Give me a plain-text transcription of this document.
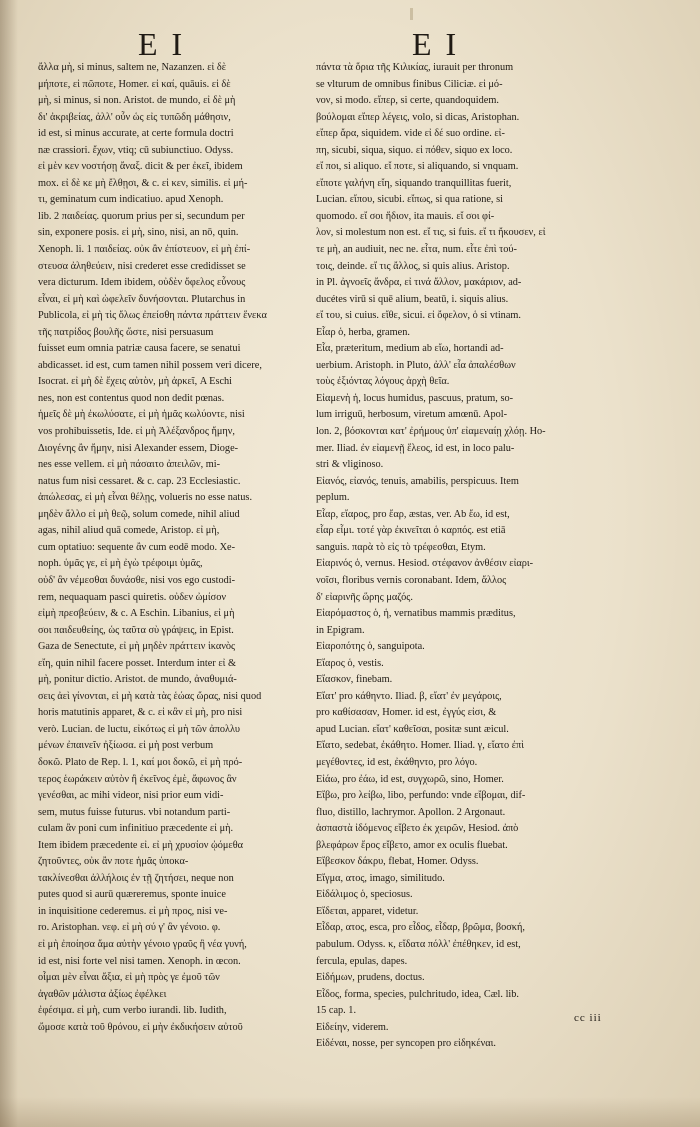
EI	EI
ἄλλα μὴ, si minus, saltem ne, Nazanzen. εἰ δὲ
μήποτε, εἰ πῶποτε, Homer. εἰ καί, quāuis. εἰ δὲ
μὴ, si minus, si non. Aristot. de mundo, εἰ δὲ μὴ
δι' ἀκριβείας, ἀλλ' οὖν ὡς εἰς τυπῶδη μάθησιν,
id est, si minus accurate, at certe formula doctri
næ crassiori. ἔχων, vtiq; cū subiunctiuo. Odyss.
εἰ μὲν κεν νοστήσῃ ἄναξ. dicit & per ἐκεῖ, ibidem
mox. εἰ δὲ κε μὴ ἔλθῃσι, & c. εἰ κεν, similis. εἰ μή-
τι, geminatum cum indicatiuo. apud Xenoph.
lib. 2 παιδείας. quorum prius per si, secundum per
sin, exponere posis. εἰ μὴ, sino, nisi, an nō, quin.
Xenoph. li. 1 παιδείας. οὐκ ἂν ἐπίστευον, εἰ μὴ ἐπί-
στευσα ἀληθεύειν, nisi crederet esse credidisset se
vera dicturum. Idem ibidem, οὐδὲν ὄφελος εὖνους
εἶναι, εἰ μὴ καὶ ὠφελεῖν δυνήσονται. Plutarchus in
Publicola, εἰ μὴ τὶς ὅλως ἐπείσθη πάντα πράττειν ἕνεκα
τῆς πατρίδος βουλῆς ὥστε, nisi persuasum
fuisset eum omnia patriæ causa facere, se senatui
abdicasset. id est, cum tamen nihil possem veri dicere,
Isocrat. εἰ μὴ δὲ ἔχεις αὐτὸν, μὴ ἀρκεῖ, A Eschi
nes, non est contentus quod non dedit pœnas.
ἡμεῖς δὲ μὴ ἐκωλύσατε, εἰ μὴ ἡμᾶς κωλύοντε, nisi
vos prohibuissetis, Ide. εἰ μὴ Ἀλέξανδρος ἤμην,
Διογένης ἂν ἤμην, nisi Alexander essem, Dioge-
nes esse vellem. εἰ μὴ πάσαιτο ἀπειλῶν, mi-
natus fum nisi cessaret. & c. cap. 23 Ecclesiastic.
ἀπώλεσας, εἰ μὴ εἶναι θέλῃς, volueris no esse natus.
μηδὲν ἄλλο εἰ μὴ θεῷ, solum comede, nihil aliud
agas, nihil aliud quā comede, Aristop. εἰ μὴ,
cum optatiuo: sequente ἂν cum eodē modo. Xe-
noph. ὑμᾶς γε, εἰ μὴ ἐγὼ τρέφοιμι ὑμᾶς,
οὐδ' ἂν νέμεσθαι δυνάσθε, nisi vos ego custodi-
rem, nequaquam pasci quiretis. οὐδεν ὠμίσον
εἰμὴ πρεσβεύειν, & c. A Eschin. Libanius, εἰ μὴ
σοι παιδευθείης, ὡς ταῦτα σὺ γράψεις, in Epist.
Gaza de Senectute, εἰ μὴ μηδὲν πράττειν ἱκανὸς
εἴη, quin nihil facere posset. Interdum inter εἰ &
μὴ, ponitur dictio. Aristot. de mundo, ἀναθυμιά-
σεις ἀεὶ γίνονται, εἰ μὴ κατὰ τὰς ἑώας ὥρας, nisi quod
horis matutinis apparet, & c. εἰ κἂν εἰ μὴ, pro nisi
verò. Lucian. de luctu, εἰκότως εἰ μὴ τῶν ἀπολλυ
μένων ἐπαινεῖν ἠξίωσα. εἰ μὴ post verbum
δοκῶ. Plato de Rep. l. 1, καί μοι δοκῶ, εἰ μὴ πρό-
τερος ἑωράκειν αὐτὸν ἢ ἐκεῖνος ἐμὲ, ἄφωνος ἂν
γενέσθαι, ac mihi videor, nisi prior eum vidi-
sem, mutus fuisse futurus. vbi notandum parti-
culam ἂν poni cum infinitiuo præcedente εἰ μὴ.
Item ibidem præcedente εἰ. εἰ μὴ χρυσίον ᾠόμεθα
ζητοῦντες, οὐκ ἂν ποτε ἡμᾶς ὑποκα-
τακλίνεσθαι ἀλλήλοις ἐν τῇ ζητήσει, neque non
putes quod si aurū quæreremus, sponte inuice
in inquisitione cederemus. εἰ μὴ προς, nisi ve-
ro. Aristophan. νεφ. εἰ μὴ σύ γ' ἂν γένοιο. φ.
εἰ μὴ ἐποίησα ἅμα αὐτὴν γένοιο γραῦς ἢ νέα γυνή,
id est, nisi forte vel nisi tamen. Xenoph. in œcon.
οἶμαι μὲν εἶναι ἄξια, εἰ μὴ πρὸς γε ἐμοῦ τῶν
ἀγαθῶν μάλιστα ἀξίως ἐφέλκει
ἐφέσιμα. εἰ μὴ, cum verbo iurandi. lib. Iudith,
ὤμοσε κατὰ τοῦ θρόνου, εἰ μὴν ἐκδικήσειν αὐτοῦ
πάντα τὰ ὅρια τῆς Κιλικίας, iurauit per thronum
se vlturum de omnibus finibus Ciliciæ. εἰ μό-
νον, si modo. εἴπερ, si certe, quandoquidem.
βούλομαι εἴπερ λέγεις, volo, si dicas, Aristophan.
εἴπερ ἄρα, siquidem. vide εἰ δέ suo ordine. εἰ-
πη, sicubi, siqua, siquo. εἰ πόθεν, siquo ex loco.
εἴ ποι, si aliquo. εἴ ποτε, si aliquando, si vnquam.
εἴποτε γαλήνη εἴη, siquando tranquillitas fuerit,
Lucian. εἴπου, sicubi. εἴπως, si qua ratione, si
quomodo. εἴ σοι ἥδιον, ita mauis. εἴ σοι φί-
λον, si molestum non est. εἴ τις, si fuis. εἴ τι ἤκουσεν, εἰ
τε μὴ, an audiuit, nec ne. εἶτα, num. εἶτε ἐπὶ τού-
τοις, deinde. εἴ τις ἄλλος, si quis alius. Aristop.
in Pl. ἀγνοεῖς ἄνδρα, εἰ τινά ἄλλον, μακάριον, ad-
ducétes virū si quē alium, beatū, i. siquis alius.
εἴ του, si cuius. εἴθε, sicui. εἰ ὄφελον, ὁ si vtinam.
Εἶαρ ὁ, herba, gramen.
Εἶα, præteritum, medium ab εἴω, hortandi ad-
uerbium. Aristoph. in Pluto, ἀλλ' εἶα ἀπαλέσθων
τοὺς ἐξιόντας λόγους ἀρχὴ θεῖα.
Εἰαμενὴ ἡ, locus humidus, pascuus, pratum, so-
lum irriguū, herbosum, viretum amœnū. Apol-
lon. 2, βόσκονται κατ' ἐρήμους ὑπ' εἰαμεναίῃ χλόῃ. Ho-
mer. Iliad. ἐν εἰαμενῇ ἕλεος, id est, in loco palu-
stri & vliginoso.
Εἰανός, εἰανός, tenuis, amabilis, perspicuus. Item
peplum.
Εἶαρ, εἴαρος, pro ἔαρ, æstas, ver. Ab ἔω, id est,
εἶαρ εἶμι. τοτέ γὰρ ἐκινεῖται ὁ καρπός. est etiā
sanguis. παρὰ τὸ εἰς τὸ τρέφεσθαι, Etym.
Εἰαρινός ὁ, vernus. Hesiod. στέφανον ἀνθέσιν εἰαρι-
νοῖσι, floribus vernis coronabant. Idem, ἄλλος
δ' εἰαρινῆς ὥρης μαζός.
Εἰαρόμαστος ὁ, ἡ, vernatibus mammis præditus,
in Epigram.
Εἰαροπότης ὁ, sanguipota.
Εἴαρος ὁ, vestis.
Εἴασκον, finebam.
Εἴατ' pro κάθηντο. Iliad. β, εἴατ' ἐν μεγάροις,
pro καθίσασαν, Homer. id est, ἐγγύς εἰσι, &
apud Lucian. εἴατ' καθεῖσαι, positæ sunt æicul.
Εἴατο, sedebat, ἐκάθητο. Homer. Iliad. γ, εἴατο ἐπὶ
μεγέθοντες, id est, ἐκάθηντο, pro λόγο.
Εἰάω, pro ἐάω, id est, συγχωρῶ, sino, Homer.
Εἴβω, pro λείβω, libo, perfundo: vnde εἴβομαι, dif-
fluo, distillo, lachrymor. Apollon. 2 Argonaut.
ἀσπαστὰ ἰδόμενος εἴβετο ἐκ χειρῶν, Hesiod. ἀπὸ
βλεφάρων ἔρος εἴβετο, amor ex oculis fluebat.
Εἴβεσκον δάκρυ, flebat, Homer. Odyss.
Εἴγμα, ατος, imago, similitudo.
Εἰδάλιμος ὁ, speciosus.
Εἴδεται, apparet, videtur.
Εἶδαρ, ατος, esca, pro εἶδος, εἶδαρ, βρῶμα, βοσκή,
pabulum. Odyss. κ, εἴδατα πόλλ' ἐπέθηκεν, id est,
fercula, epulas, dapes.
Εἰδήμων, prudens, doctus.
Εἶδος, forma, species, pulchritudo, idea, Cæl. lib.
15 cap. 1.
Εἰδείην, viderem.
Εἰδέναι, nosse, per syncopen pro εἰδηκέναι.
cc iii
